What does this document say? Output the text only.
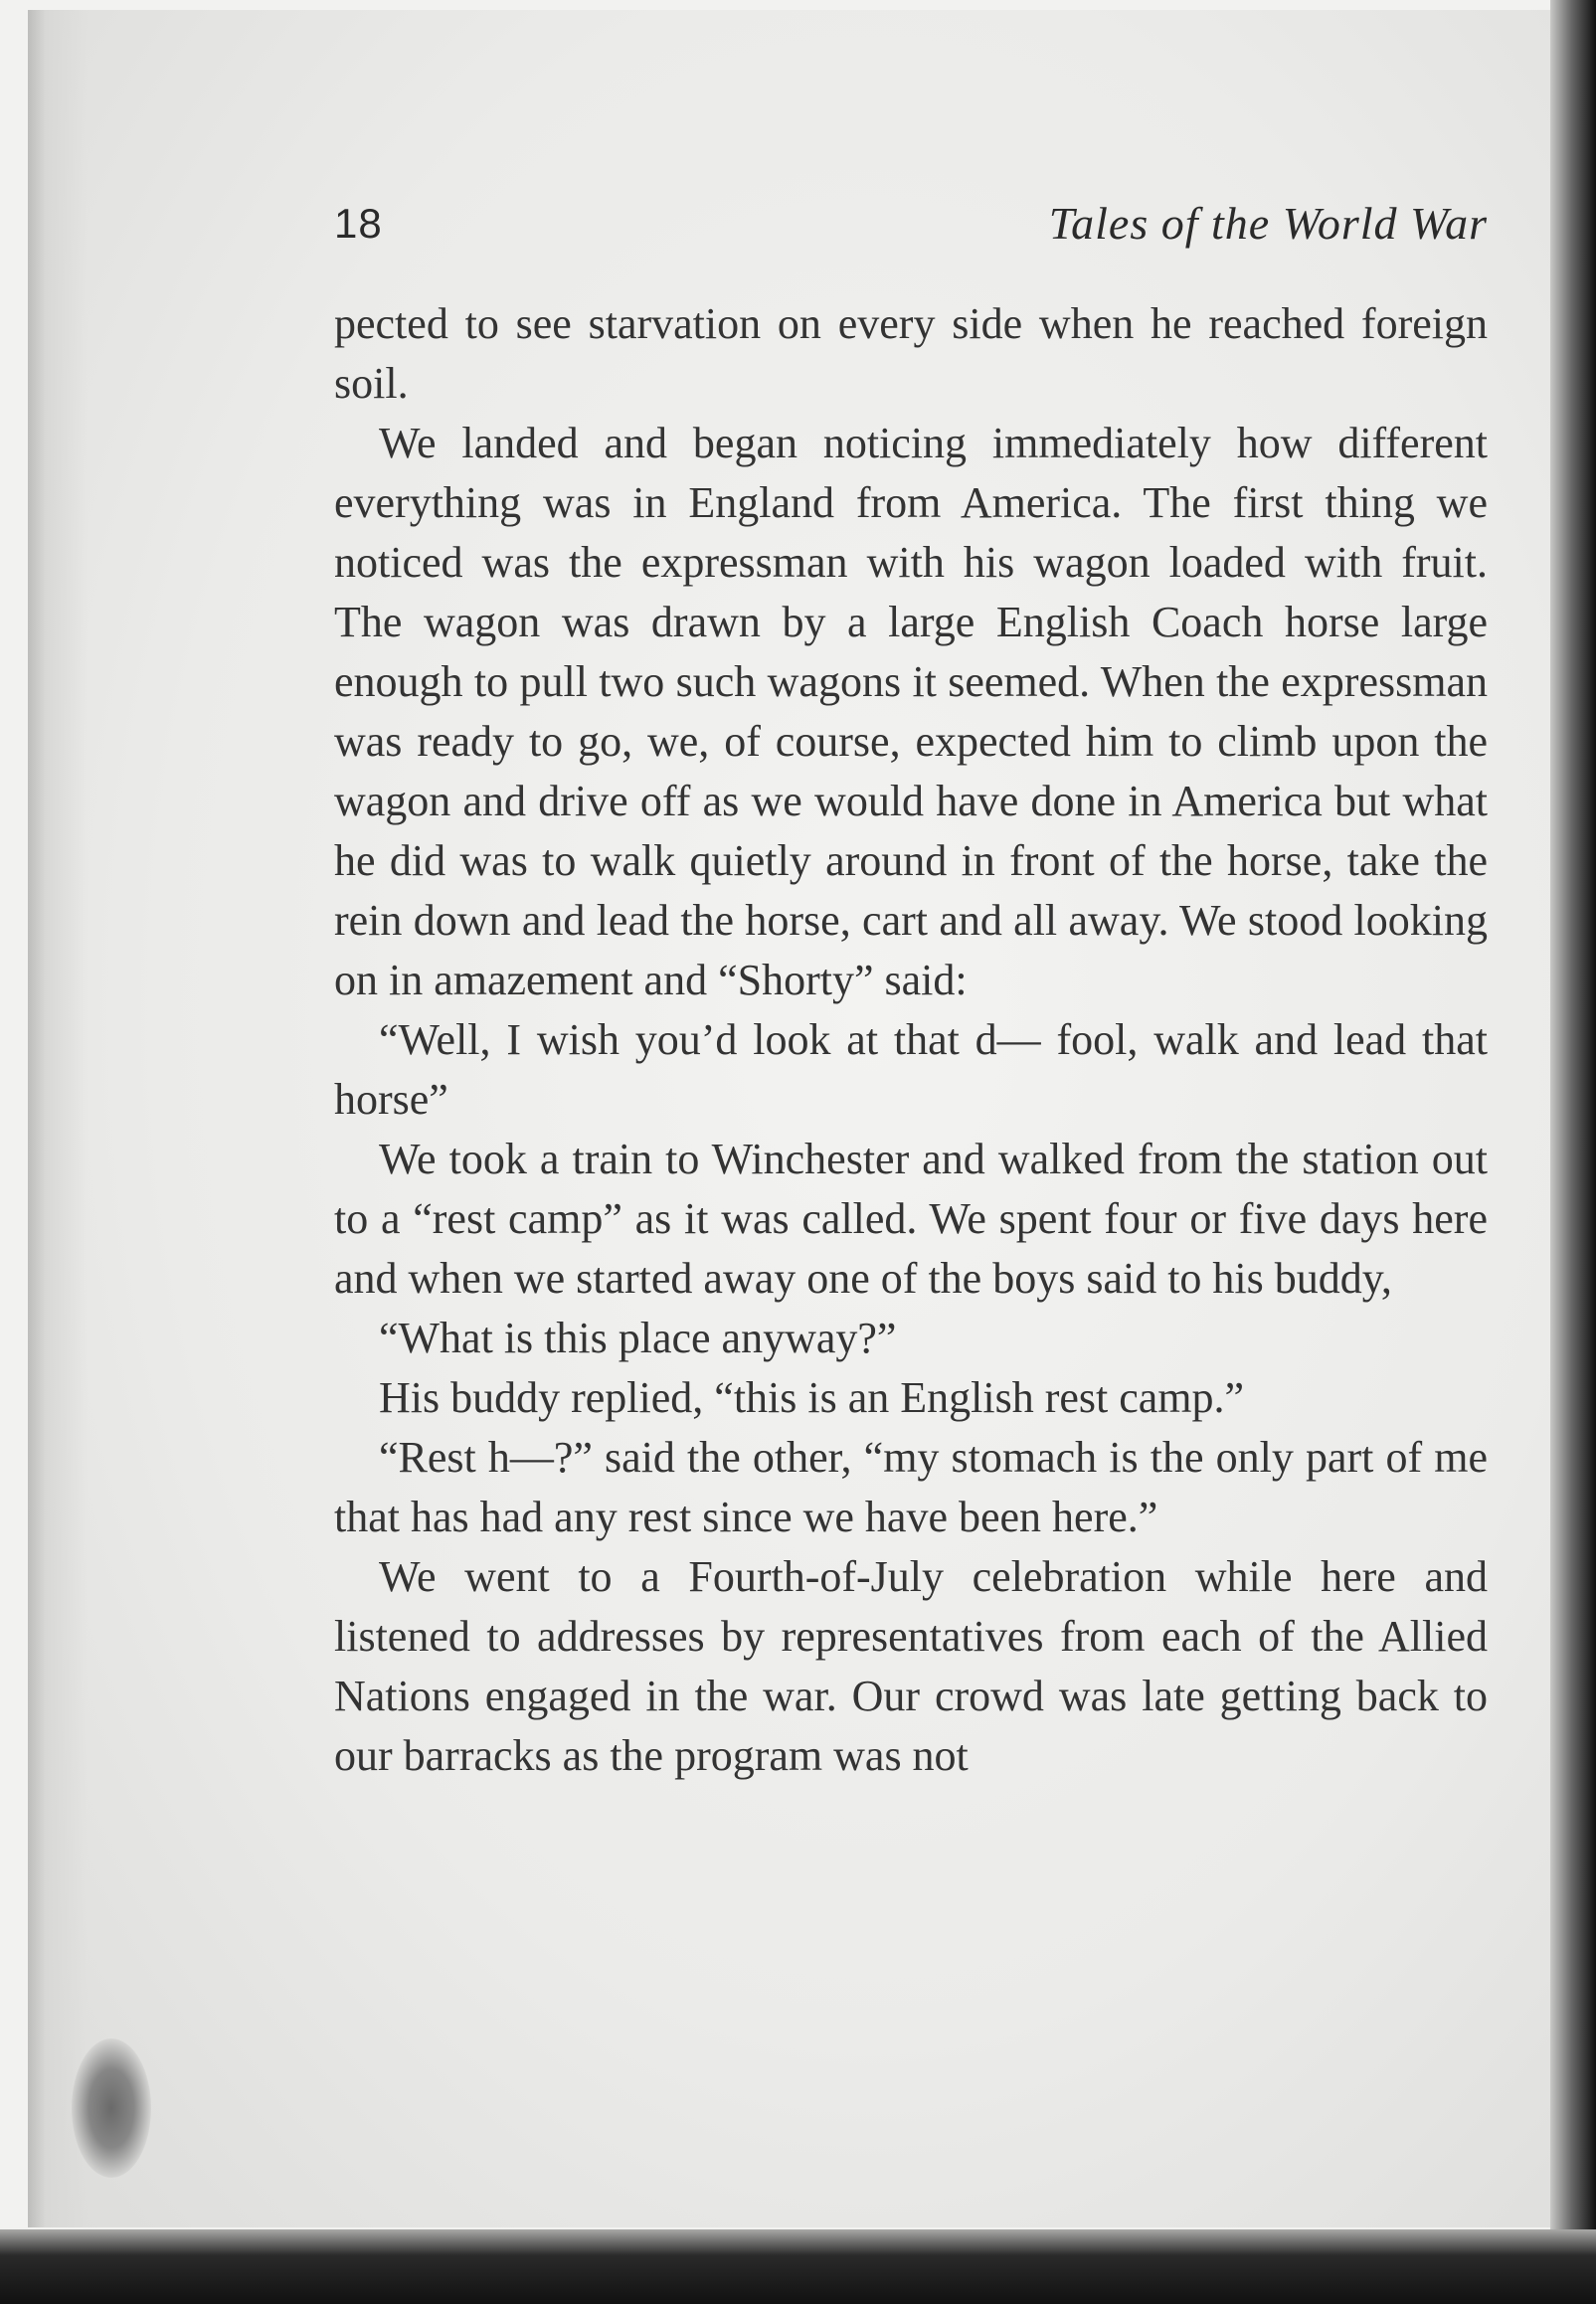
18	Tales of the World War

pected to see starvation on every side when he reached foreign soil.

We landed and began noticing immediately how different everything was in England from America. The first thing we noticed was the expressman with his wagon loaded with fruit. The wagon was drawn by a large English Coach horse large enough to pull two such wagons it seemed. When the expressman was ready to go, we, of course, expected him to climb upon the wagon and drive off as we would have done in America but what he did was to walk quietly around in front of the horse, take the rein down and lead the horse, cart and all away. We stood looking on in amazement and “Shorty” said:

“Well, I wish you’d look at that d— fool, walk and lead that horse”

We took a train to Winchester and walked from the station out to a “rest camp” as it was called. We spent four or five days here and when we started away one of the boys said to his buddy,

“What is this place anyway?”

His buddy replied, “this is an English rest camp.”

“Rest h—?” said the other, “my stomach is the only part of me that has had any rest since we have been here.”

We went to a Fourth-of-July celebration while here and listened to addresses by representatives from each of the Allied Nations engaged in the war. Our crowd was late getting back to our barracks as the program was not
